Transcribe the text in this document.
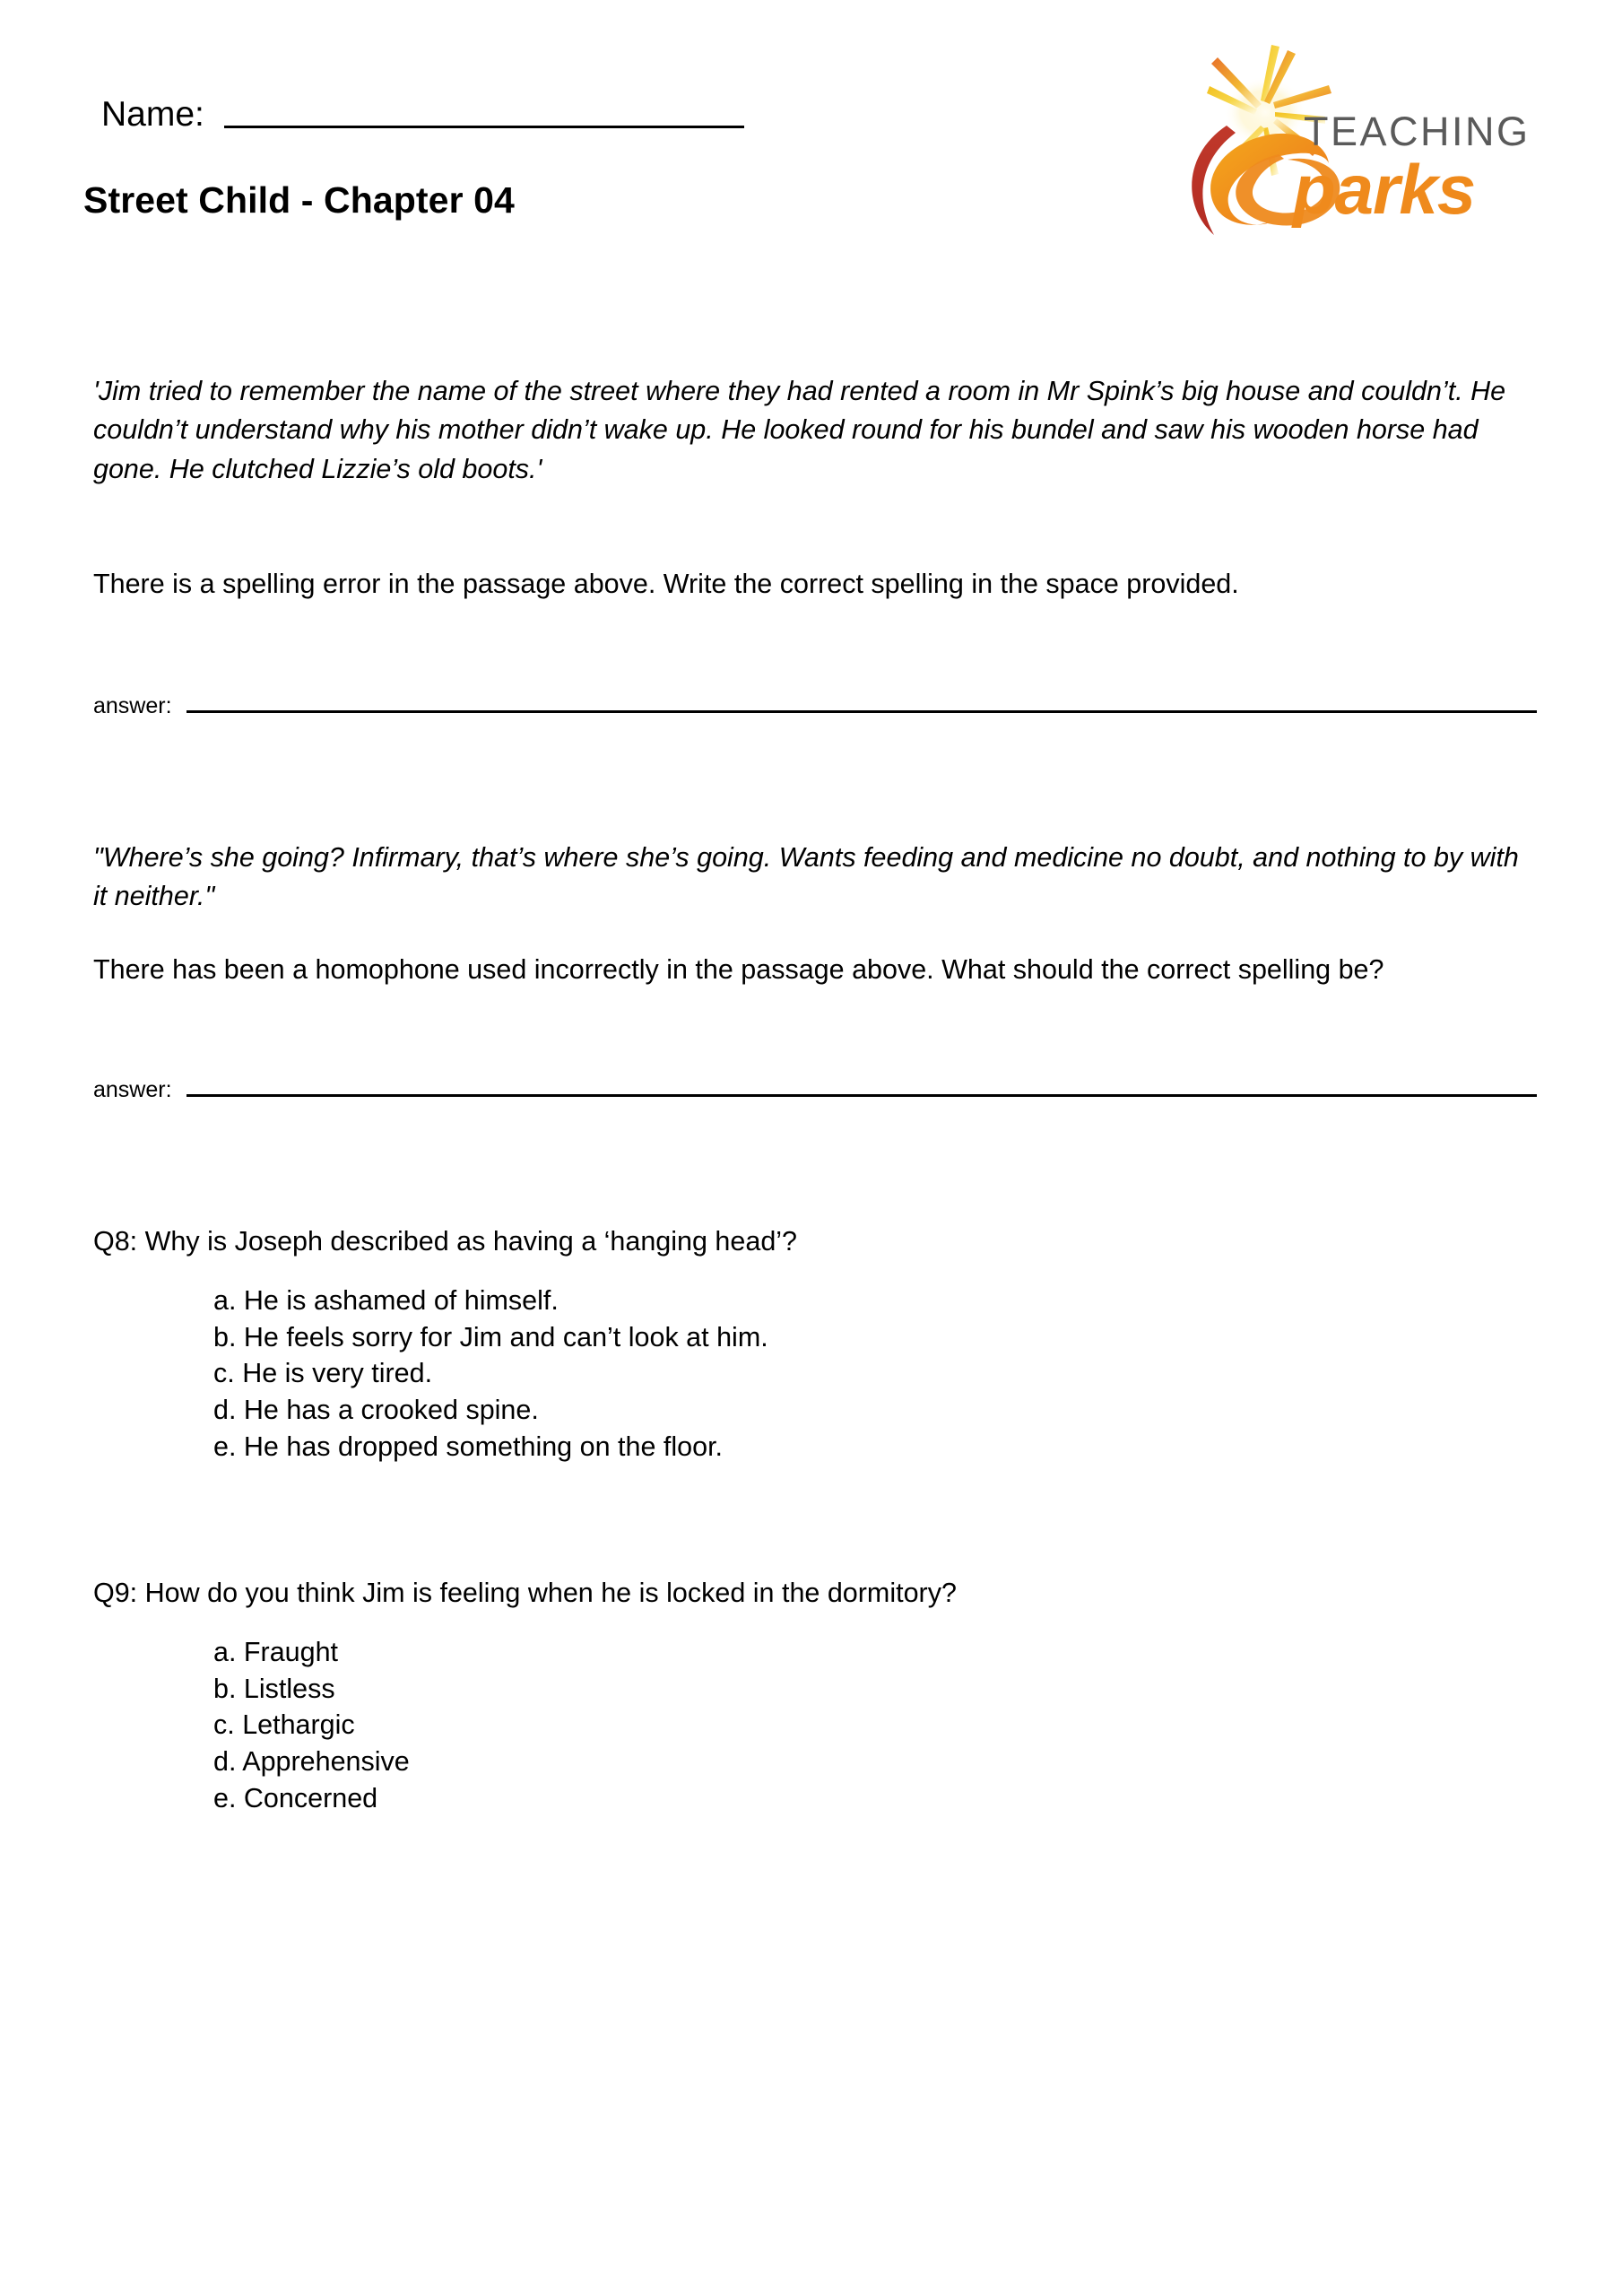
Name:
Street Child - Chapter 04
TEACHING
parks

'Jim tried to remember the name of the street where they had rented a room in Mr Spink’s big house and couldn’t. He couldn’t understand why his mother didn’t wake up. He looked round for his bundel and saw his wooden horse had gone. He clutched Lizzie’s old boots.'

There is a spelling error in the passage above. Write the correct spelling in the space provided.

answer:

"Where’s she going? Infirmary, that’s where she’s going. Wants feeding and medicine no doubt, and nothing to by with it neither."

There has been a homophone used incorrectly in the passage above. What should the correct spelling be?

answer:

Q8: Why is Joseph described as having a ‘hanging head’?

a. He is ashamed of himself.
b. He feels sorry for Jim and can’t look at him.
c. He is very tired.
d. He has a crooked spine.
e. He has dropped something on the floor.

Q9: How do you think Jim is feeling when he is locked in the dormitory?

a. Fraught
b. Listless
c. Lethargic
d. Apprehensive
e. Concerned
